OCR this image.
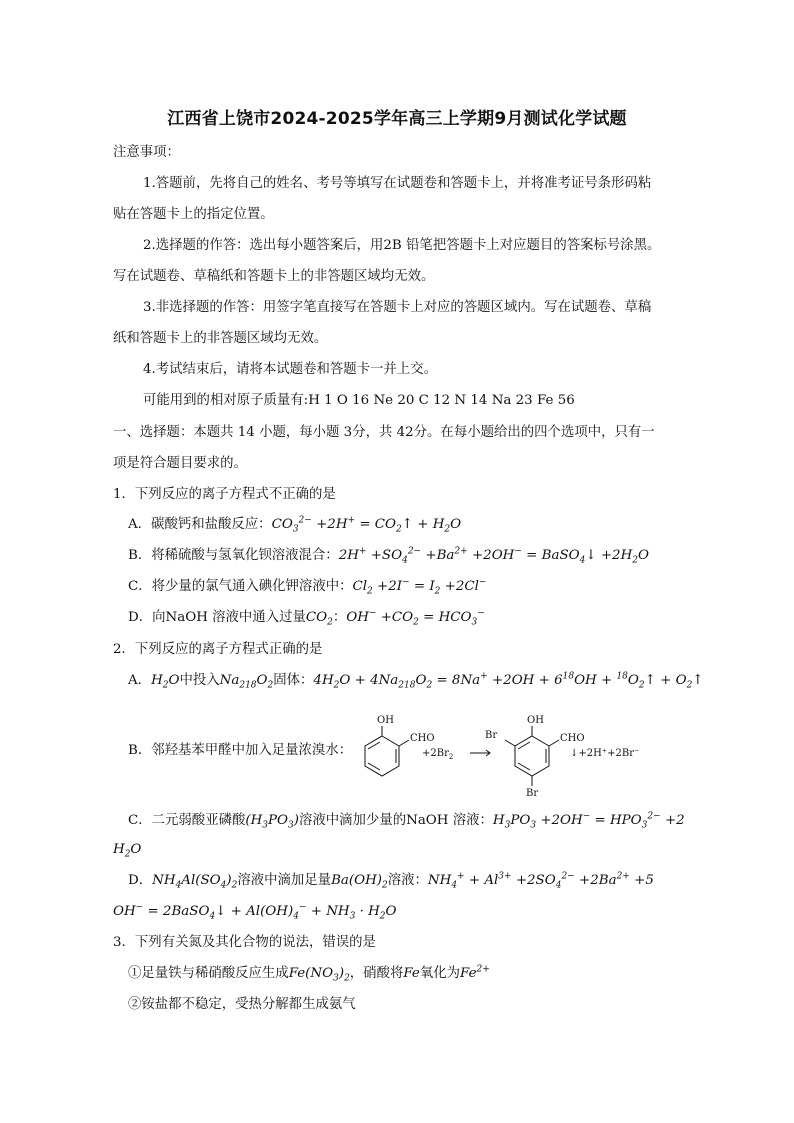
江西省上饶市2024-2025学年高三上学期9月测试化学试题
注意事项：
1.答题前，先将自己的姓名、考号等填写在试题卷和答题卡上，并将准考证号条形码粘
贴在答题卡上的指定位置。
2.选择题的作答：选出每小题答案后，用2B 铅笔把答题卡上对应题目的答案标号涂黑。
写在试题卷、草稿纸和答题卡上的非答题区域均无效。
3.非选择题的作答：用签字笔直接写在答题卡上对应的答题区域内。写在试题卷、草稿
纸和答题卡上的非答题区域均无效。
4.考试结束后，请将本试题卷和答题卡一并上交。
可能用到的相对原子质量有:H 1 O 16 Ne 20 C 12 N 14 Na 23 Fe 56
一、选择题：本题共 14 小题，每小题 3分，共 42分。在每小题给出的四个选项中，只有一
项是符合题目要求的。
1．下列反应的离子方程式不正确的是
A．碳酸钙和盐酸反应：$CO_3^{2-} +2H^+$ = $CO_2↑ + H_2O$
B．将稀硫酸与氢氧化钡溶液混合：$2H^+ +SO_4^{2-} +Ba^{2+} +2OH^-$ = BaSO$_4$↓ $+2H_2O$
C．将少量的氯气通入碘化钾溶液中：$Cl_2 +2I^- = I_2 +2Cl^-$
D．向NaOH 溶液中通入过量$CO_2$：$OH^- +CO_2 = HCO_3^-$
2．下列反应的离子方程式正确的是
A．$H_2O$中投入$Na_{218}O_2$固体：$4H_2O + 4Na_{218}O_2 = 8Na^+ +2OH + 6^{18}OH$ + $^{18}O_2↑$ + $O_2↑$
B．邻羟基苯甲醛中加入足量浓溴水：
OH
CHO
$+2Br_2$
OH
CHO
Br
Br
↓+2H⁺+2Br⁻
C．二元弱酸亚磷酸$(H_3PO_3)$溶液中滴加少量的NaOH 溶液：$H_3PO_3 +2OH^- = HPO_3^{2-} +2$
$H_2O$
D．$NH_4Al(SO_4)_2$溶液中滴加足量$Ba(OH)_2$溶液：$NH_4^+ + Al^{3+} +2SO_4^{2-} +2Ba^{2+} +5$
OH− = 2BaSO$_4$↓ + $Al(OH)_4^- + NH_3 \cdot H_2O$
3．下列有关氮及其化合物的说法，错误的是
①足量铁与稀硝酸反应生成$Fe(NO_3)_2$，硝酸将Fe氧化为$Fe^{2+}$
②铵盐都不稳定，受热分解都生成氨气
